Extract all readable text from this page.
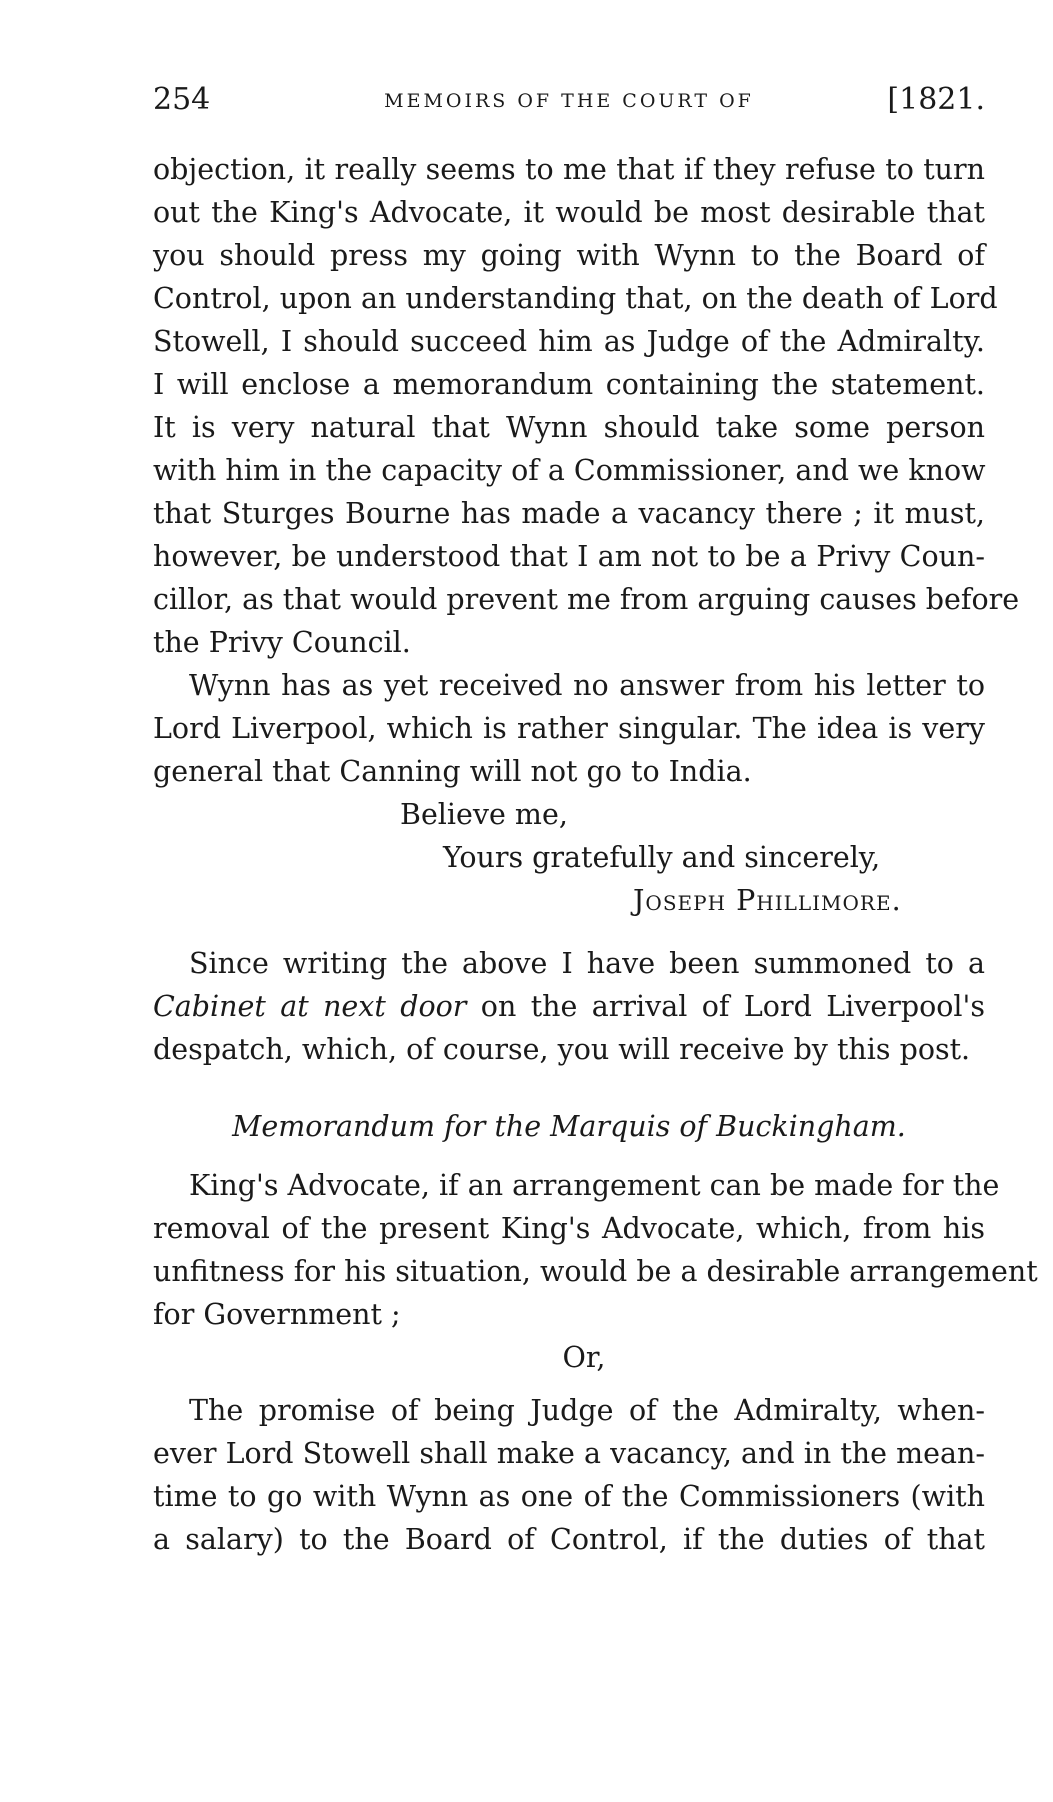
254	MEMOIRS OF THE COURT OF	[1821.
objection, it really seems to me that if they refuse to turn
out the King's Advocate, it would be most desirable that
you should press my going with Wynn to the Board of
Control, upon an understanding that, on the death of Lord
Stowell, I should succeed him as Judge of the Admiralty.
I will enclose a memorandum containing the statement.
It is very natural that Wynn should take some person
with him in the capacity of a Commissioner, and we know
that Sturges Bourne has made a vacancy there ; it must,
however, be understood that I am not to be a Privy Coun-
cillor, as that would prevent me from arguing causes before
the Privy Council.
Wynn has as yet received no answer from his letter to
Lord Liverpool, which is rather singular. The idea is very
general that Canning will not go to India.
Believe me,
Yours gratefully and sincerely,
Joseph Phillimore.
Since writing the above I have been summoned to a
Cabinet at next door on the arrival of Lord Liverpool's
despatch, which, of course, you will receive by this post.
Memorandum for the Marquis of Buckingham.
King's Advocate, if an arrangement can be made for the
removal of the present King's Advocate, which, from his
unfitness for his situation, would be a desirable arrangement
for Government ;
Or,
The promise of being Judge of the Admiralty, when-
ever Lord Stowell shall make a vacancy, and in the mean-
time to go with Wynn as one of the Commissioners (with
a salary) to the Board of Control, if the duties of that
